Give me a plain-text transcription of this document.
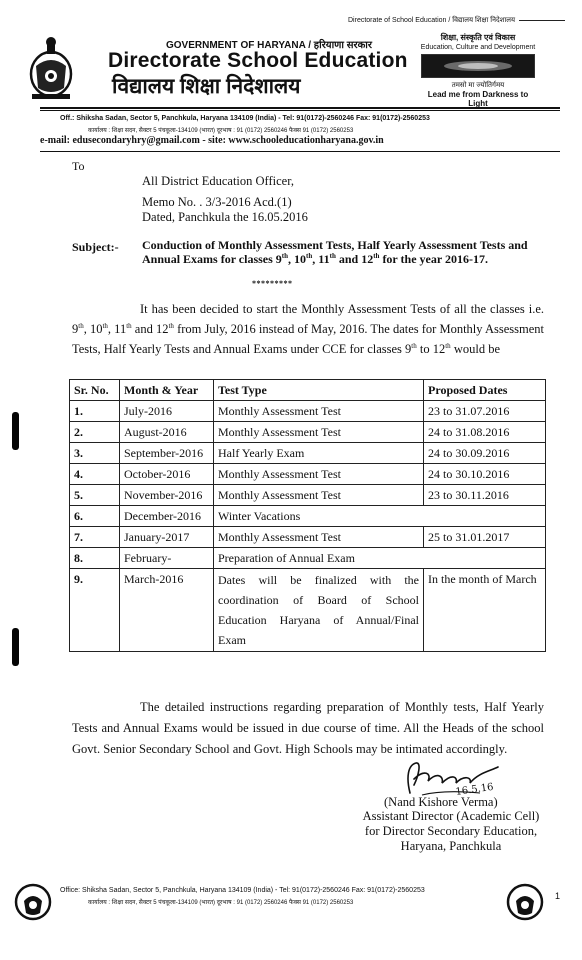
Directorate of School Education / विद्यालय शिक्षा निदेशालय
GOVERNMENT OF HARYANA / हरियाणा सरकार
Directorate School Education
विद्यालय शिक्षा निदेशालय
शिक्षा, संस्कृति एवं विकास
Education, Culture and Development
तमसो मा ज्योतिर्गमय
Lead me from Darkness to Light
Off.: Shiksha Sadan, Sector 5, Panchkula, Haryana 134109 (India) - Tel: 91(0172)-2560246 Fax: 91(0172)-2560253
कार्यालय : शिक्षा सदन, सैक्टर 5 पंचकूला-134109 (भारत) दूरभाष : 91 (0172) 2560246 फैक्स 91 (0172) 2560253
e-mail: edusecondaryhry@gmail.com - site: www.schooleducationharyana.gov.in
To
All District Education Officer,
Memo No. . 3/3-2016 Acd.(1)
Dated, Panchkula the 16.05.2016
Subject:- Conduction of Monthly Assessment Tests, Half Yearly Assessment Tests and Annual Exams for classes 9th, 10th, 11th and 12th for the year 2016-17.
*********
It has been decided to start the Monthly Assessment Tests of all the classes i.e. 9th, 10th, 11th and 12th from July, 2016 instead of May, 2016. The dates for Monthly Assessment Tests, Half Yearly Tests and Annual Exams under CCE for classes 9th to 12th would be
Sr. No.	Month & Year	Test Type	Proposed Dates
1.	July-2016	Monthly Assessment Test	23 to 31.07.2016
2.	August-2016	Monthly Assessment Test	24 to 31.08.2016
3.	September-2016	Half Yearly Exam	24 to 30.09.2016
4.	October-2016	Monthly Assessment Test	24 to 30.10.2016
5.	November-2016	Monthly Assessment Test	23 to 30.11.2016
6.	December-2016	Winter Vacations	
7.	January-2017	Monthly Assessment Test	25 to 31.01.2017
8.	February-	Preparation of Annual Exam	
9.	March-2016	Dates will be finalized with the coordination of Board of School Education Haryana of Annual/Final Exam	In the month of March
The detailed instructions regarding preparation of Monthly tests, Half Yearly Tests and Annual Exams would be issued in due course of time. All the Heads of the school Govt. Senior Secondary School and Govt. High Schools may be intimated accordingly.
16.5.16
(Nand Kishore Verma)
Assistant Director (Academic Cell)
for Director Secondary Education,
Haryana, Panchkula
Office: Shiksha Sadan, Sector 5, Panchkula, Haryana 134109 (India) - Tel: 91(0172)-2560246 Fax: 91(0172)-2560253
कार्यालय : शिक्षा सदन, सैक्टर 5 पंचकूला-134109 (भारत) दूरभाष : 91 (0172) 2560246 फैक्स 91 (0172) 2560253
1
